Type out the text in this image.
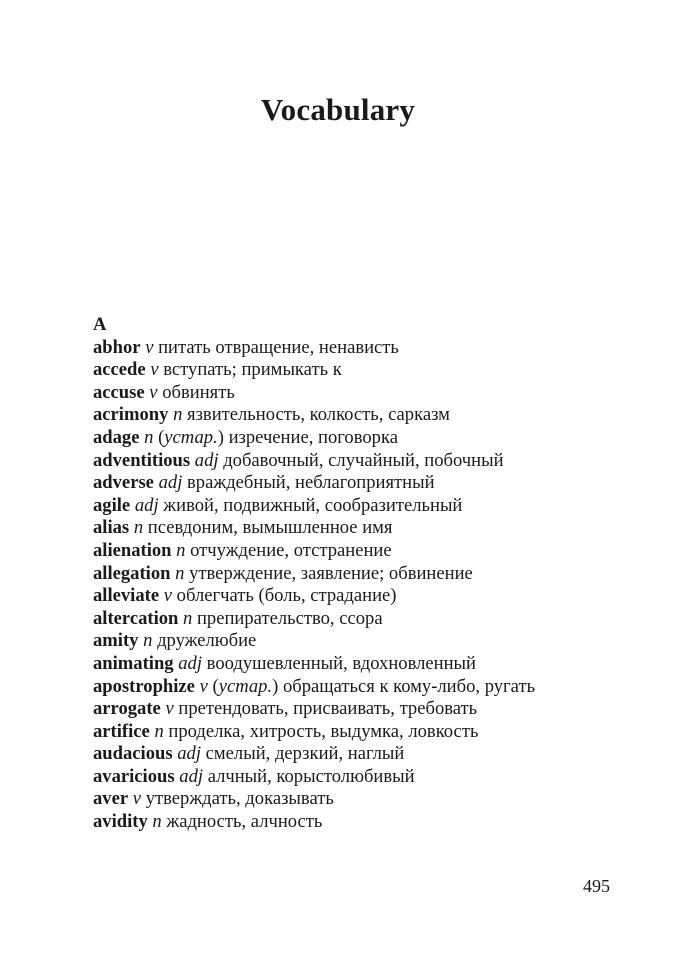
Vocabulary

A

abhor v питать отвращение, ненависть

accede v вступать; примыкать к

accuse v обвинять

acrimony n язвительность, колкость, сарказм

adage n (устар.) изречение, поговорка

adventitious adj добавочный, случайный, побочный

adverse adj враждебный, неблагоприятный

agile adj живой, подвижный, сообразительный

alias n псевдоним, вымышленное имя

alienation n отчуждение, отстранение

allegation n утверждение, заявление; обвинение

alleviate v облегчать (боль, страдание)

altercation n препирательство, ссора

amity n дружелюбие

animating adj воодушевленный, вдохновленный

apostrophize v (устар.) обращаться к кому-либо, ругать

arrogate v претендовать, присваивать, требовать

artifice n проделка, хитрость, выдумка, ловкость

audacious adj смелый, дерзкий, наглый

avaricious adj алчный, корыстолюбивый

aver v утверждать, доказывать

avidity n жадность, алчность

495
